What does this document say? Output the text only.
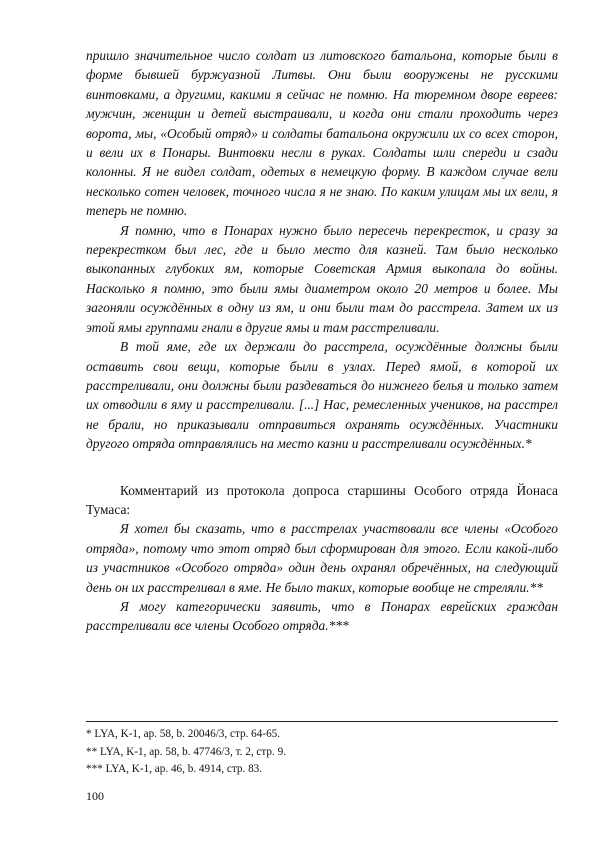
пришло значительное число солдат из литовского батальона, которые были в форме бывшей буржуазной Литвы. Они были вооружены не русскими винтовками, а другими, какими я сейчас не помню. На тюремном дворе евреев: мужчин, женщин и детей выстраивали, и когда они стали проходить через ворота, мы, «Особый отряд» и солдаты батальона окружили их со всех сторон, и вели их в Понары. Винтовки несли в руках. Солдаты шли спереди и сзади колонны. Я не видел солдат, одетых в немецкую форму. В каждом случае вели несколько сотен человек, точного числа я не знаю. По каким улицам мы их вели, я теперь не помню.

Я помню, что в Понарах нужно было пересечь перекресток, и сразу за перекрестком был лес, где и было место для казней. Там было несколько выкопанных глубоких ям, которые Советская Армия выкопала до войны. Насколько я помню, это были ямы диаметром около 20 метров и более. Мы загоняли осуждённых в одну из ям, и они были там до расстрела. Затем их из этой ямы группами гнали в другие ямы и там расстреливали.

В той яме, где их держали до расстрела, осуждённые должны были оставить свои вещи, которые были в узлах. Перед ямой, в которой их расстреливали, они должны были раздеваться до нижнего белья и только затем их отводили в яму и расстреливали. [...] Нас, ремесленных учеников, на расстрел не брали, но приказывали отправиться охранять осуждённых. Участники другого отряда отправлялись на место казни и расстреливали осуждённых.*

Комментарий из протокола допроса старшины Особого отряда Йонаса Тумаса:

Я хотел бы сказать, что в расстрелах участвовали все члены «Особого отряда», потому что этот отряд был сформирован для этого. Если какой-либо из участников «Особого отряда» один день охранял обречённых, на следующий день он их расстреливал в яме. Не было таких, которые вообще не стреляли.**

Я могу категорически заявить, что в Понарах еврейских граждан расстреливали все члены Особого отряда.***

* LYA, K-1, ap. 58, b. 20046/3, стр. 64-65.

** LYA, K-1, ap. 58, b. 47746/3, т. 2, стр. 9.

*** LYA, K-1, ap. 46, b. 4914, стр. 83.

100
